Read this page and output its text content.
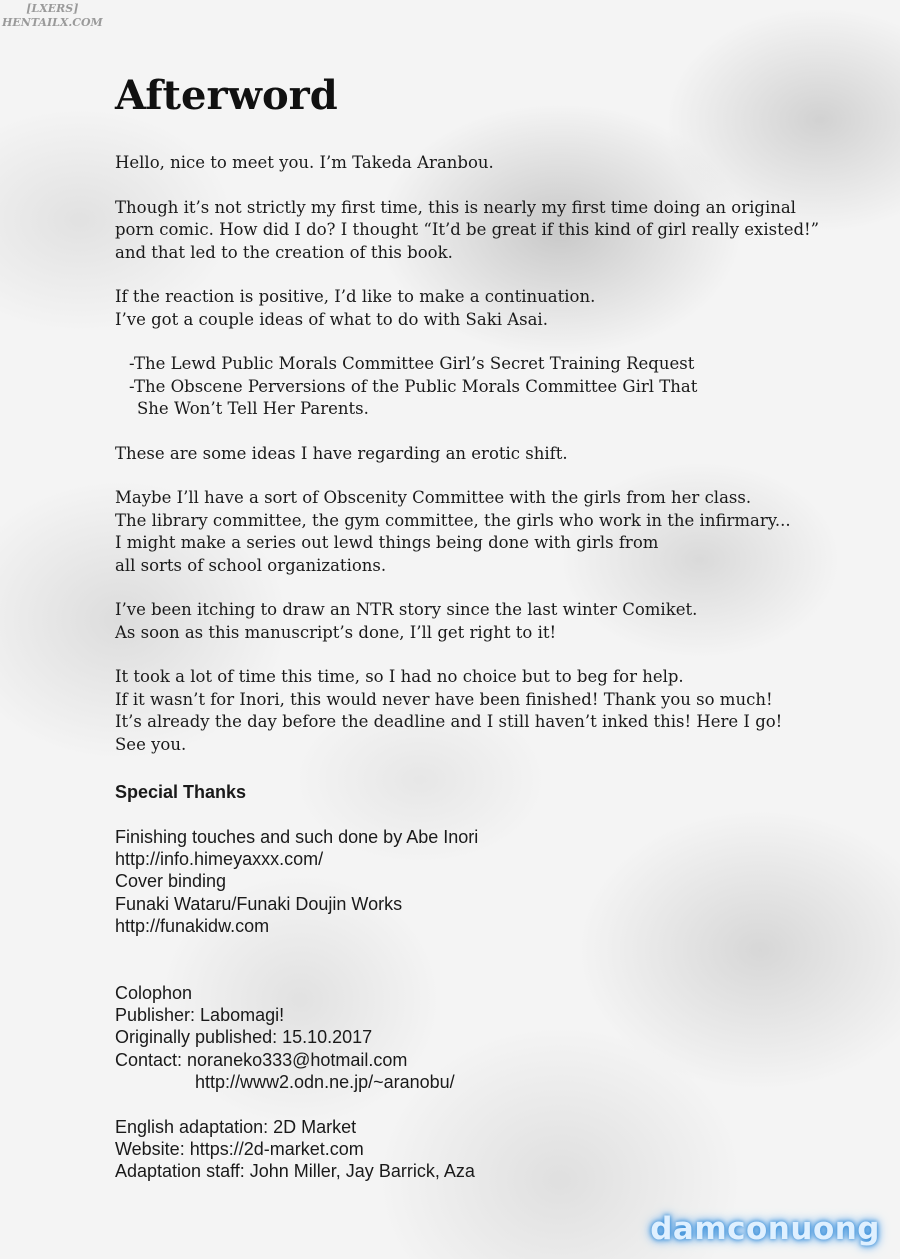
[LXERS]
HENTAILX.COM
Afterword

Hello, nice to meet you. I’m Takeda Aranbou.

Though it’s not strictly my first time, this is nearly my first time doing an original
porn comic. How did I do? I thought “It’d be great if this kind of girl really existed!”
and that led to the creation of this book.

If the reaction is positive, I’d like to make a continuation.
I’ve got a couple ideas of what to do with Saki Asai.

-The Lewd Public Morals Committee Girl’s Secret Training Request
-The Obscene Perversions of the Public Morals Committee Girl That
She Won’t Tell Her Parents.

These are some ideas I have regarding an erotic shift.

Maybe I’ll have a sort of Obscenity Committee with the girls from her class.
The library committee, the gym committee, the girls who work in the infirmary...
I might make a series out lewd things being done with girls from
all sorts of school organizations.

I’ve been itching to draw an NTR story since the last winter Comiket.
As soon as this manuscript’s done, I’ll get right to it!

It took a lot of time this time, so I had no choice but to beg for help.
If it wasn’t for Inori, this would never have been finished! Thank you so much!
It’s already the day before the deadline and I still haven’t inked this! Here I go!
See you.

Special Thanks
Finishing touches and such done by Abe Inori
http://info.himeyaxxx.com/
Cover binding
Funaki Wataru/Funaki Doujin Works
http://funakidw.com
Colophon
Publisher: Labomagi!
Originally published: 15.10.2017
Contact: noraneko333@hotmail.com
http://www2.odn.ne.jp/~aranobu/
English adaptation: 2D Market
Website: https://2d-market.com
Adaptation staff: John Miller, Jay Barrick, Aza
damconuong
